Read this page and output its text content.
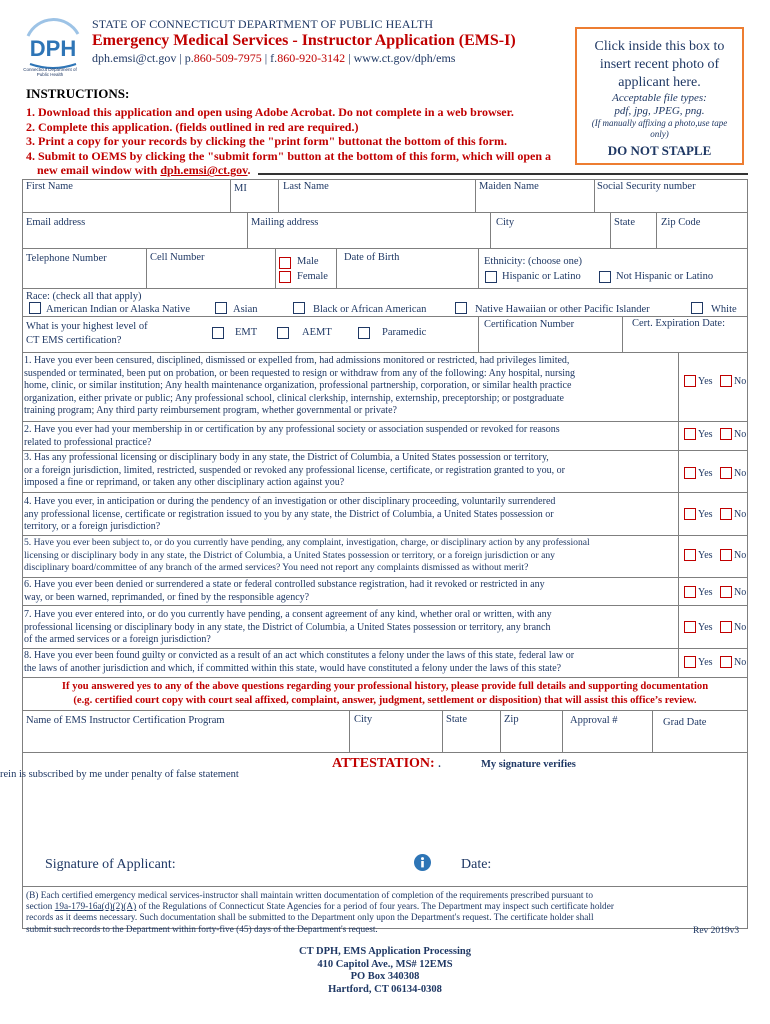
DPH
Connecticut Department of Public Health
STATE OF CONNECTICUT DEPARTMENT OF PUBLIC HEALTH
Emergency Medical Services - Instructor Application (EMS-I)
dph.emsi@ct.gov | p.860-509-7975 | f.860-920-3142 | www.ct.gov/dph/ems
Click inside this box to
insert recent photo of
applicant here.
Acceptable file types:
pdf, jpg, JPEG, png.
(If manually affixing a photo,use tape only)
DO NOT STAPLE
INSTRUCTIONS:
1. Download this application and open using Adobe Acrobat. Do not complete in a web browser.
2. Complete this application. (fields outlined in red are required.)
3. Print a copy for your records by clicking the "print form" buttonat the bottom of this form.
4. Submit to OEMS by clicking the "submit form" button at the bottom of this form, which will open a
new email window with dph.emsi@ct.gov.
First Name	MI	Last Name	Maiden Name	Social Security number
Email address	Mailing address	City	State Zip Code
Telephone Number	Cell Number	Male
Female
Date of Birth	Ethnicity: (choose one)
Hispanic or Latino	Not Hispanic or Latino
Race: (check all that apply)
American Indian or Alaska Native	Asian	Black or African American	Native Hawaiian or other Pacific Islander	White
What is your highest level of
CT EMS certification?
EMT	AEMT	Paramedic
Certification Number	Cert. Expiration Date:
1. Have you ever been censured, disciplined, dismissed or expelled from, had admissions monitored or restricted, had privileges limited,
suspended or terminated, been put on probation, or been requested to resign or withdraw from any of the following: Any hospital, nursing
home, clinic, or similar institution; Any health maintenance organization, professional partnership, corporation, or similar health practice
organization, either private or public; Any professional school, clinical clerkship, internship, externship, preceptorship; or postgraduate
training program; Any third party reimbursement program, whether governmental or private?
Yes No
2. Have you ever had your membership in or certification by any professional society or association suspended or revoked for reasons
related to professional practice?
Yes No
3. Has any professional licensing or disciplinary body in any state, the District of Columbia, a United States possession or territory,
or a foreign jurisdiction, limited, restricted, suspended or revoked any professional license, certificate, or registration granted to you, or
imposed a fine or reprimand, or taken any other disciplinary action against you?
Yes No
4. Have you ever, in anticipation or during the pendency of an investigation or other disciplinary proceeding, voluntarily surrendered
any professional license, certificate or registration issued to you by any state, the District of Columbia, a United States possession or
territory, or a foreign jurisdiction?
Yes No
5. Have you ever been subject to, or do you currently have pending, any complaint, investigation, charge, or disciplinary action by any professional
licensing or disciplinary body in any state, the District of Columbia, a United States possession or territory, or a foreign jurisdiction or any
disciplinary board/committee of any branch of the armed services? You need not report any complaints dismissed as without merit?
Yes No
6. Have you ever been denied or surrendered a state or federal controlled substance registration, had it revoked or restricted in any
way, or been warned, reprimanded, or fined by the responsible agency?	Yes No
7. Have you ever entered into, or do you currently have pending, a consent agreement of any kind, whether oral or written, with any
professional licensing or disciplinary body in any state, the District of Columbia, a United States possession or territory, any branch
of the armed services or a foreign jurisdiction?
Yes No
8. Have you ever been found guilty or convicted as a result of an act which constitutes a felony under the laws of this state, federal law or
the laws of another jurisdiction and which, if committed within this state, would have constituted a felony under the laws of this state?
Yes No
If you answered yes to any of the above questions regarding your professional history, please provide full details and supporting documentation
(e.g. certified court copy with court seal affixed, complaint, answer, judgment, settlement or disposition) that will assist this office’s review.
Name of EMS Instructor Certification Program	City	State	Zip	Approval #	Grad Date
ATTESTATION: .	My signature verifies
rein is subscribed by me under penalty of false statement
Signature of Applicant:	Date:
(B) Each certified emergency medical services-instructor shall maintain written documentation of completion of the requirements prescribed pursuant to
section 19a-179-16a(d)(2)(A) of the Regulations of Connecticut State Agencies for a period of four years. The Department may inspect such certificate holder
records as it deems necessary. Such documentation shall be submitted to the Department only upon the Department's request. The certificate holder shall
submit such records to the Department within forty-five (45) days of the Department's request.	Rev 2019v3
CT DPH, EMS Application Processing
410 Capitol Ave., MS# 12EMS
PO Box 340308
Hartford, CT 06134-0308
